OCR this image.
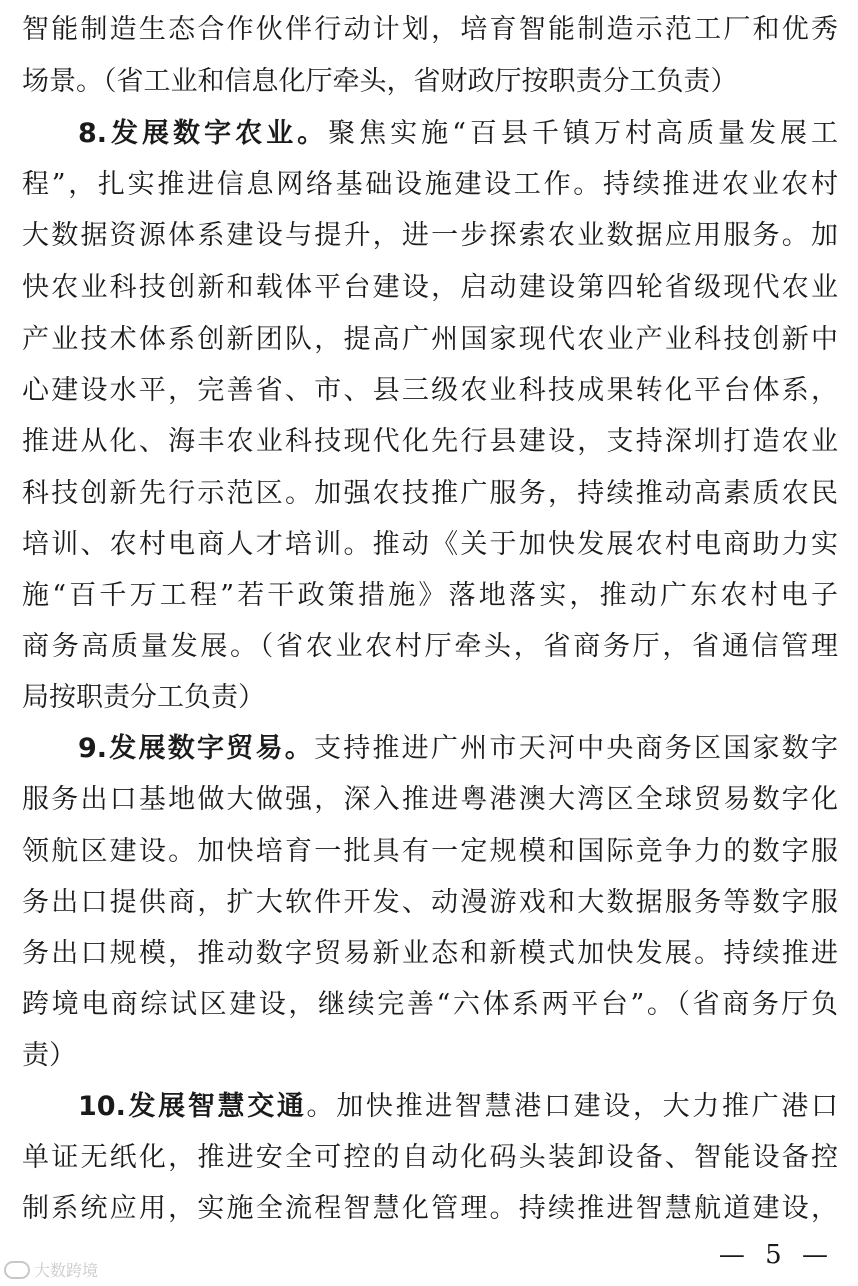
智能制造生态合作伙伴行动计划，培育智能制造示范工厂和优秀
场景。（省工业和信息化厅牵头，省财政厅按职责分工负责）
8.发展数字农业。聚焦实施“百县千镇万村高质量发展工
程”，扎实推进信息网络基础设施建设工作。持续推进农业农村
大数据资源体系建设与提升，进一步探索农业数据应用服务。加
快农业科技创新和载体平台建设，启动建设第四轮省级现代农业
产业技术体系创新团队，提高广州国家现代农业产业科技创新中
心建设水平，完善省、市、县三级农业科技成果转化平台体系，
推进从化、海丰农业科技现代化先行县建设，支持深圳打造农业
科技创新先行示范区。加强农技推广服务，持续推动高素质农民
培训、农村电商人才培训。推动《关于加快发展农村电商助力实
施“百千万工程”若干政策措施》落地落实，推动广东农村电子
商务高质量发展。（省农业农村厅牵头，省商务厅，省通信管理
局按职责分工负责）
9.发展数字贸易。支持推进广州市天河中央商务区国家数字
服务出口基地做大做强，深入推进粤港澳大湾区全球贸易数字化
领航区建设。加快培育一批具有一定规模和国际竞争力的数字服
务出口提供商，扩大软件开发、动漫游戏和大数据服务等数字服
务出口规模，推动数字贸易新业态和新模式加快发展。持续推进
跨境电商综试区建设，继续完善“六体系两平台”。（省商务厅负
责）
10.发展智慧交通。加快推进智慧港口建设，大力推广港口
单证无纸化，推进安全可控的自动化码头装卸设备、智能设备控
制系统应用，实施全流程智慧化管理。持续推进智慧航道建设，
— 5 —
大数跨境
